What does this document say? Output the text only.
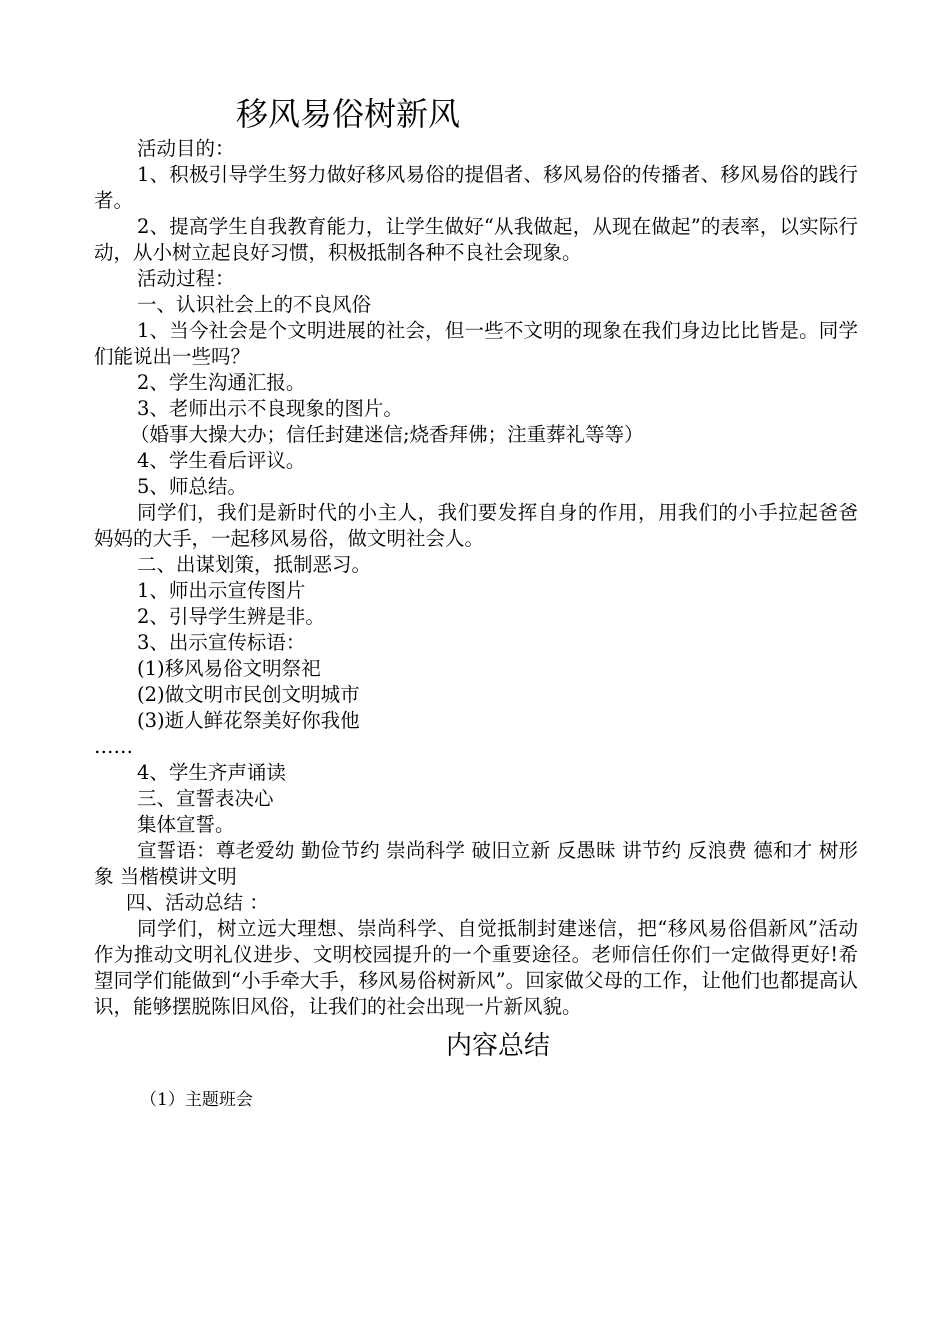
移风易俗树新风

活动目的：

1、积极引导学生努力做好移风易俗的提倡者、移风易俗的传播者、移风易俗的践行者。

2、提高学生自我教育能力，让学生做好“从我做起，从现在做起”的表率，以实际行动，从小树立起良好习惯，积极抵制各种不良社会现象。

活动过程：

一、认识社会上的不良风俗

1、当今社会是个文明进展的社会，但一些不文明的现象在我们身边比比皆是。同学们能说出一些吗？

2、学生沟通汇报。

3、老师出示不良现象的图片。

（婚事大操大办；信任封建迷信;烧香拜佛；注重葬礼等等）

4、学生看后评议。

5、师总结。

同学们，我们是新时代的小主人，我们要发挥自身的作用，用我们的小手拉起爸爸妈妈的大手，一起移风易俗，做文明社会人。

二、出谋划策，抵制恶习。

1、师出示宣传图片

2、引导学生辨是非。

3、出示宣传标语：

(1)移风易俗文明祭祀

(2)做文明市民创文明城市

(3)逝人鲜花祭美好你我他

……

4、学生齐声诵读

三、宣誓表决心

集体宣誓。

宣誓语：尊老爱幼 勤俭节约 崇尚科学 破旧立新 反愚昧 讲节约 反浪费 德和才 树形象 当楷模讲文明

四、活动总结 ：

同学们，树立远大理想、崇尚科学、自觉抵制封建迷信，把“移风易俗倡新风”活动作为推动文明礼仪进步、文明校园提升的一个重要途径。老师信任你们一定做得更好!希望同学们能做到“小手牵大手，移风易俗树新风”。回家做父母的工作，让他们也都提高认识，能够摆脱陈旧风俗，让我们的社会出现一片新风貌。

内容总结

（1）主题班会
